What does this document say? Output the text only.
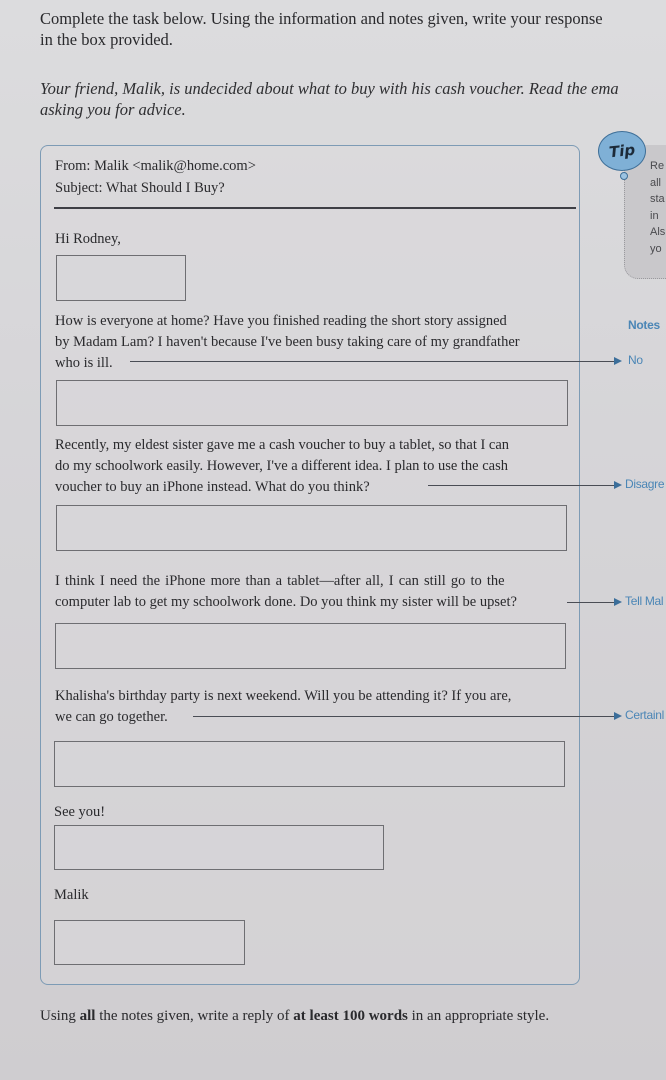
Complete the task below. Using the information and notes given, write your response
in the box provided.
Your friend, Malik, is undecided about what to buy with his cash voucher. Read the ema
asking you for advice.
Tip
Re
all
sta
in
Als
yo
From: Malik <malik@home.com>
Subject: What Should I Buy?
Hi Rodney,
How is everyone at home? Have you finished reading the short story assigned
by Madam Lam? I haven't because I've been busy taking care of my grandfather
who is ill.
Notes
No
Recently, my eldest sister gave me a cash voucher to buy a tablet, so that I can
do my schoolwork easily. However, I've a different idea. I plan to use the cash
voucher to buy an iPhone instead. What do you think?	Disagre
I think I need the iPhone more than a tablet—after all, I can still go to the
computer lab to get my schoolwork done. Do you think my sister will be upset?	Tell Mal
Khalisha's birthday party is next weekend. Will you be attending it? If you are,
we can go together.	Certainl
See you!
Malik
Using all the notes given, write a reply of at least 100 words in an appropriate style.
